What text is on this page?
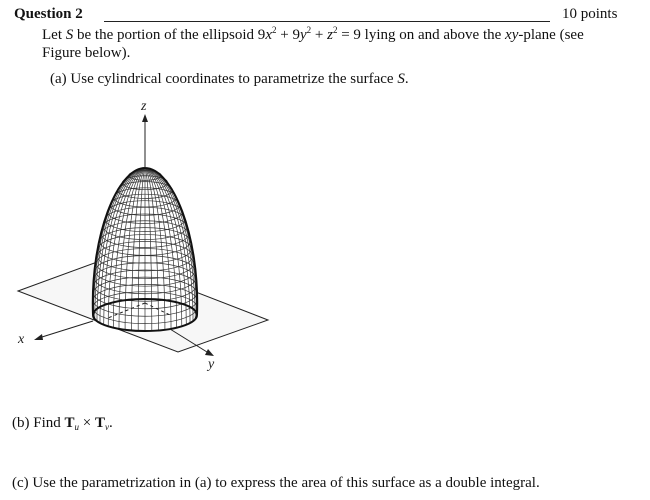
Question 2	10 points
Let S be the portion of the ellipsoid $9x^2 + 9y^2 + z^2 = 9$ lying on and above the xy-plane (see
Figure below).
(a) Use cylindrical coordinates to parametrize the surface S.
z
x
y
(b) Find $T_u \times T_v$.
(c) Use the parametrization in (a) to express the area of this surface as a double integral.
